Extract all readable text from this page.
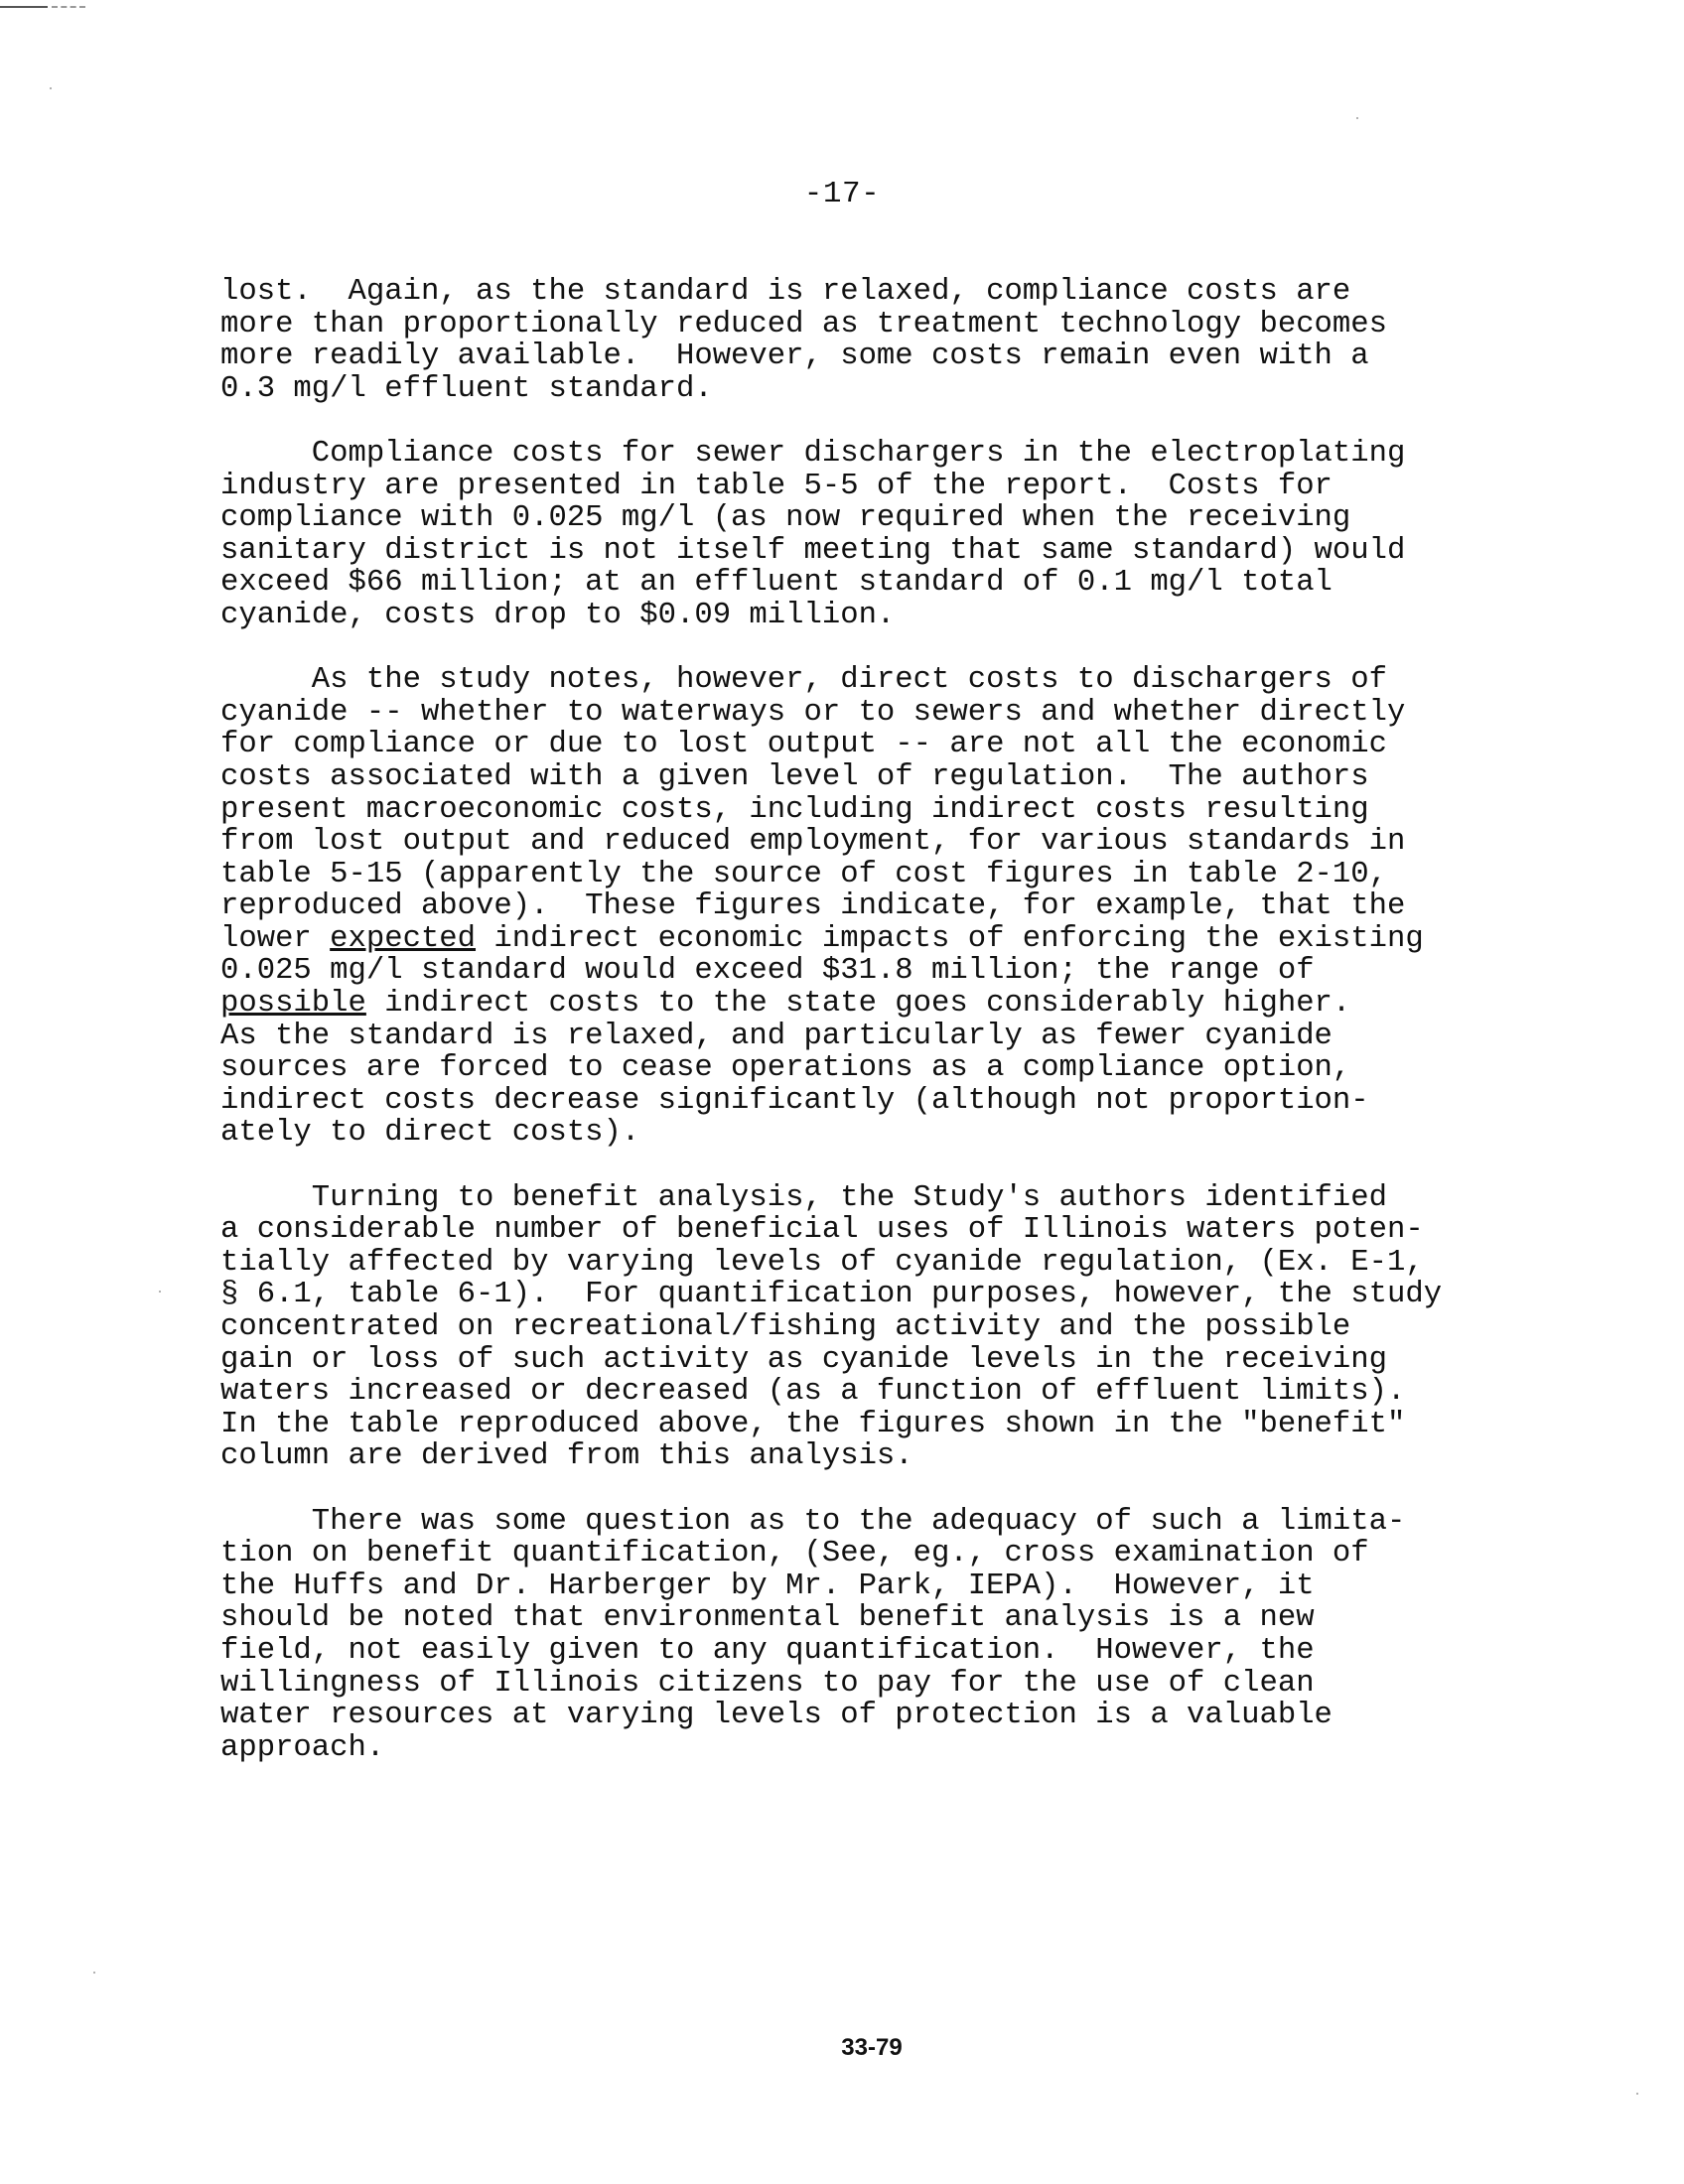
-17-
lost.  Again, as the standard is relaxed, compliance costs are
more than proportionally reduced as treatment technology becomes
more readily available.  However, some costs remain even with a
0.3 mg/l effluent standard.
Compliance costs for sewer dischargers in the electroplating
industry are presented in table 5-5 of the report.  Costs for
compliance with 0.025 mg/l (as now required when the receiving
sanitary district is not itself meeting that same standard) would
exceed $66 million; at an effluent standard of 0.1 mg/l total
cyanide, costs drop to $0.09 million.
As the study notes, however, direct costs to dischargers of
cyanide -- whether to waterways or to sewers and whether directly
for compliance or due to lost output -- are not all the economic
costs associated with a given level of regulation.  The authors
present macroeconomic costs, including indirect costs resulting
from lost output and reduced employment, for various standards in
table 5-15 (apparently the source of cost figures in table 2-10,
reproduced above).  These figures indicate, for example, that the
lower expected indirect economic impacts of enforcing the existing
0.025 mg/l standard would exceed $31.8 million; the range of
possible indirect costs to the state goes considerably higher.
As the standard is relaxed, and particularly as fewer cyanide
sources are forced to cease operations as a compliance option,
indirect costs decrease significantly (although not proportion-
ately to direct costs).
Turning to benefit analysis, the Study's authors identified
a considerable number of beneficial uses of Illinois waters poten-
tially affected by varying levels of cyanide regulation, (Ex. E-1,
§ 6.1, table 6-1).  For quantification purposes, however, the study
concentrated on recreational/fishing activity and the possible
gain or loss of such activity as cyanide levels in the receiving
waters increased or decreased (as a function of effluent limits).
In the table reproduced above, the figures shown in the "benefit"
column are derived from this analysis.
There was some question as to the adequacy of such a limita-
tion on benefit quantification, (See, eg., cross examination of
the Huffs and Dr. Harberger by Mr. Park, IEPA).  However, it
should be noted that environmental benefit analysis is a new
field, not easily given to any quantification.  However, the
willingness of Illinois citizens to pay for the use of clean
water resources at varying levels of protection is a valuable
approach.
33-79
